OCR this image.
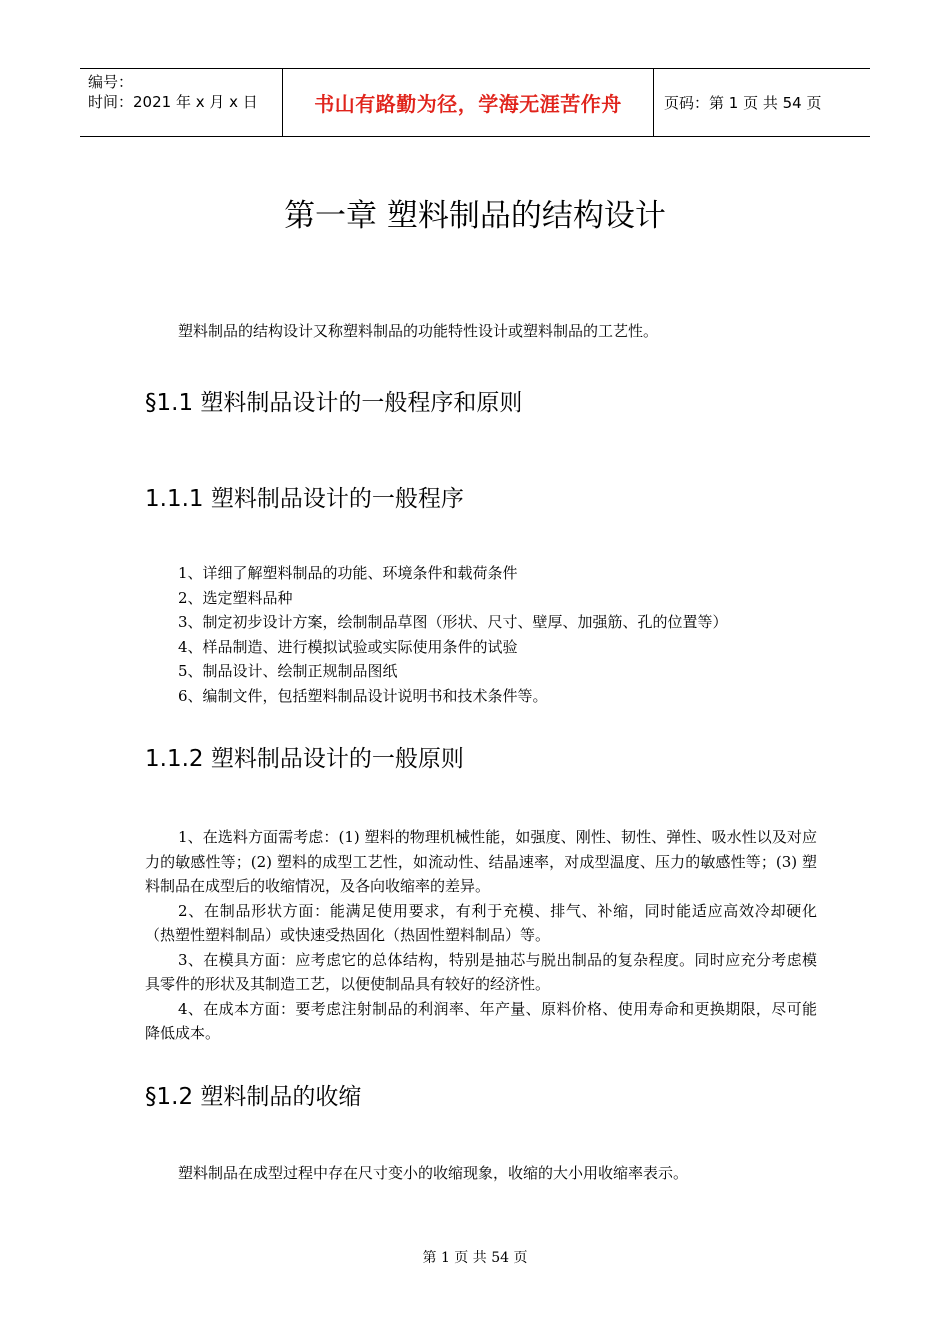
编号：
时间：2021 年 x 月 x 日	书山有路勤为径，学海无涯苦作舟	页码：第 1 页 共 54 页
第一章 塑料制品的结构设计

塑料制品的结构设计又称塑料制品的功能特性设计或塑料制品的工艺性。

§1.1 塑料制品设计的一般程序和原则
1.1.1 塑料制品设计的一般程序
1、详细了解塑料制品的功能、环境条件和载荷条件
2、选定塑料品种
3、制定初步设计方案，绘制制品草图（形状、尺寸、壁厚、加强筋、孔的位置等）
4、样品制造、进行模拟试验或实际使用条件的试验
5、制品设计、绘制正规制品图纸
6、编制文件，包括塑料制品设计说明书和技术条件等。
1.1.2 塑料制品设计的一般原则

1、在选料方面需考虑：(1) 塑料的物理机械性能，如强度、刚性、韧性、弹性、吸水性以及对应力的敏感性等；(2) 塑料的成型工艺性，如流动性、结晶速率，对成型温度、压力的敏感性等；(3) 塑料制品在成型后的收缩情况，及各向收缩率的差异。

2、在制品形状方面：能满足使用要求，有利于充模、排气、补缩，同时能适应高效冷却硬化（热塑性塑料制品）或快速受热固化（热固性塑料制品）等。

3、在模具方面：应考虑它的总体结构，特别是抽芯与脱出制品的复杂程度。同时应充分考虑模具零件的形状及其制造工艺，以便使制品具有较好的经济性。

4、在成本方面：要考虑注射制品的利润率、年产量、原料价格、使用寿命和更换期限，尽可能降低成本。

§1.2 塑料制品的收缩

塑料制品在成型过程中存在尺寸变小的收缩现象，收缩的大小用收缩率表示。

第 1 页 共 54 页
